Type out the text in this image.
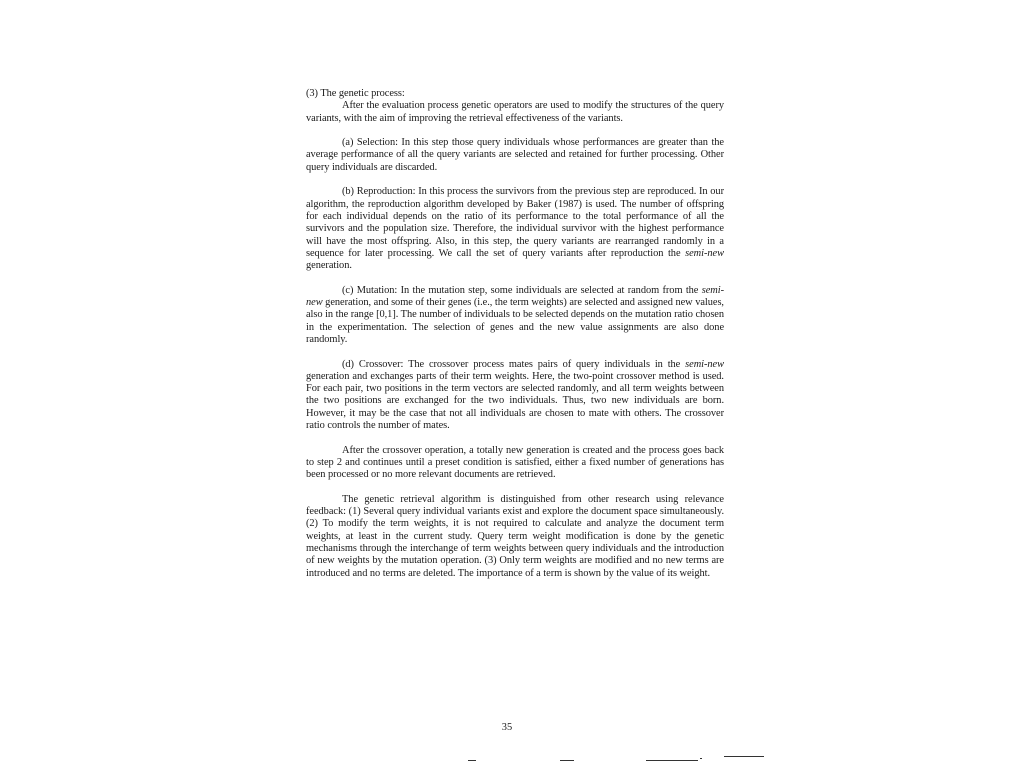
(3) The genetic process:

After the evaluation process genetic operators are used to modify the structures of the query variants, with the aim of improving the retrieval effectiveness of the variants.

(a) Selection: In this step those query individuals whose performances are greater than the average performance of all the query variants are selected and retained for further processing. Other query individuals are discarded.

(b) Reproduction: In this process the survivors from the previous step are reproduced. In our algorithm, the reproduction algorithm developed by Baker (1987) is used. The number of offspring for each individual depends on the ratio of its performance to the total performance of all the survivors and the population size. Therefore, the individual survivor with the highest performance will have the most offspring. Also, in this step, the query variants are rearranged randomly in a sequence for later processing. We call the set of query variants after reproduction the semi-new generation.

(c) Mutation: In the mutation step, some individuals are selected at random from the semi-new generation, and some of their genes (i.e., the term weights) are selected and assigned new values, also in the range [0,1]. The number of individuals to be selected depends on the mutation ratio chosen in the experimentation. The selection of genes and the new value assignments are also done randomly.

(d) Crossover: The crossover process mates pairs of query individuals in the semi-new generation and exchanges parts of their term weights. Here, the two-point crossover method is used. For each pair, two positions in the term vectors are selected randomly, and all term weights between the two positions are exchanged for the two individuals. Thus, two new individuals are born. However, it may be the case that not all individuals are chosen to mate with others. The crossover ratio controls the number of mates.

After the crossover operation, a totally new generation is created and the process goes back to step 2 and continues until a preset condition is satisfied, either a fixed number of generations has been processed or no more relevant documents are retrieved.

The genetic retrieval algorithm is distinguished from other research using relevance feedback: (1) Several query individual variants exist and explore the document space simultaneously. (2) To modify the term weights, it is not required to calculate and analyze the document term weights, at least in the current study. Query term weight modification is done by the genetic mechanisms through the interchange of term weights between query individuals and the introduction of new weights by the mutation operation. (3) Only term weights are modified and no new terms are introduced and no terms are deleted. The importance of a term is shown by the value of its weight.

35
